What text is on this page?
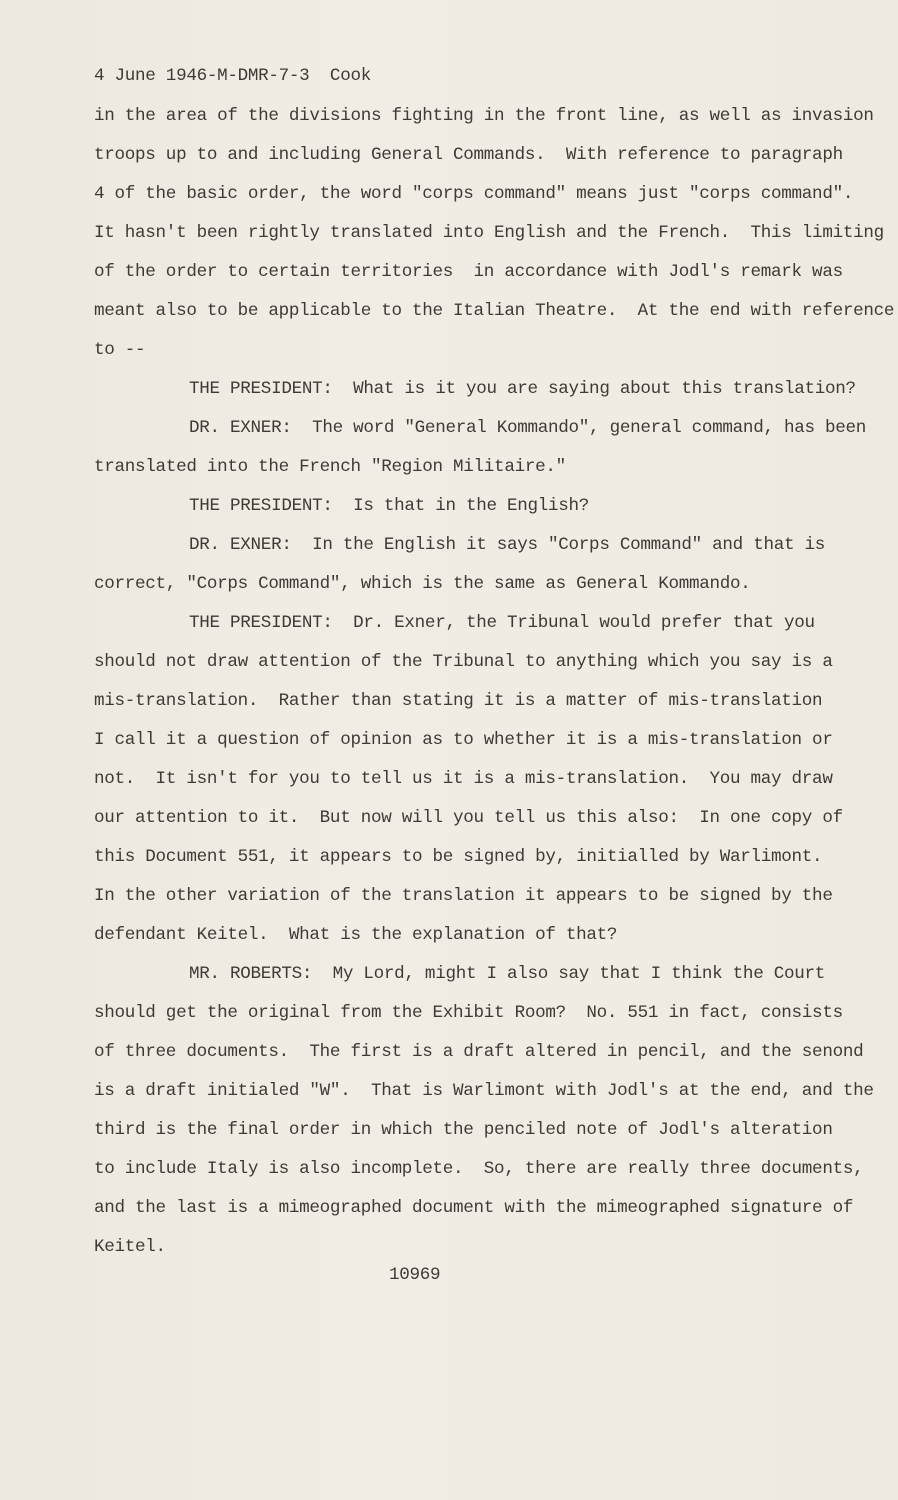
4 June 1946-M-DMR-7-3  Cook
in the area of the divisions fighting in the front line, as well as invasion
troops up to and including General Commands.  With reference to paragraph
4 of the basic order, the word "corps command" means just "corps command".
It hasn't been rightly translated into English and the French.  This limiting
of the order to certain territories  in accordance with Jodl's remark was
meant also to be applicable to the Italian Theatre.  At the end with reference
to --
THE PRESIDENT:  What is it you are saying about this translation?
DR. EXNER:  The word "General Kommando", general command, has been
translated into the French "Region Militaire."
THE PRESIDENT:  Is that in the English?
DR. EXNER:  In the English it says "Corps Command" and that is
correct, "Corps Command", which is the same as General Kommando.
THE PRESIDENT:  Dr. Exner, the Tribunal would prefer that you
should not draw attention of the Tribunal to anything which you say is a
mis-translation.  Rather than stating it is a matter of mis-translation
I call it a question of opinion as to whether it is a mis-translation or
not.  It isn't for you to tell us it is a mis-translation.  You may draw
our attention to it.  But now will you tell us this also:  In one copy of
this Document 551, it appears to be signed by, initialled by Warlimont.
In the other variation of the translation it appears to be signed by the
defendant Keitel.  What is the explanation of that?
MR. ROBERTS:  My Lord, might I also say that I think the Court
should get the original from the Exhibit Room?  No. 551 in fact, consists
of three documents.  The first is a draft altered in pencil, and the senond
is a draft initialed "W".  That is Warlimont with Jodl's at the end, and the
third is the final order in which the penciled note of Jodl's alteration
to include Italy is also incomplete.  So, there are really three documents,
and the last is a mimeographed document with the mimeographed signature of
Keitel.
10969
